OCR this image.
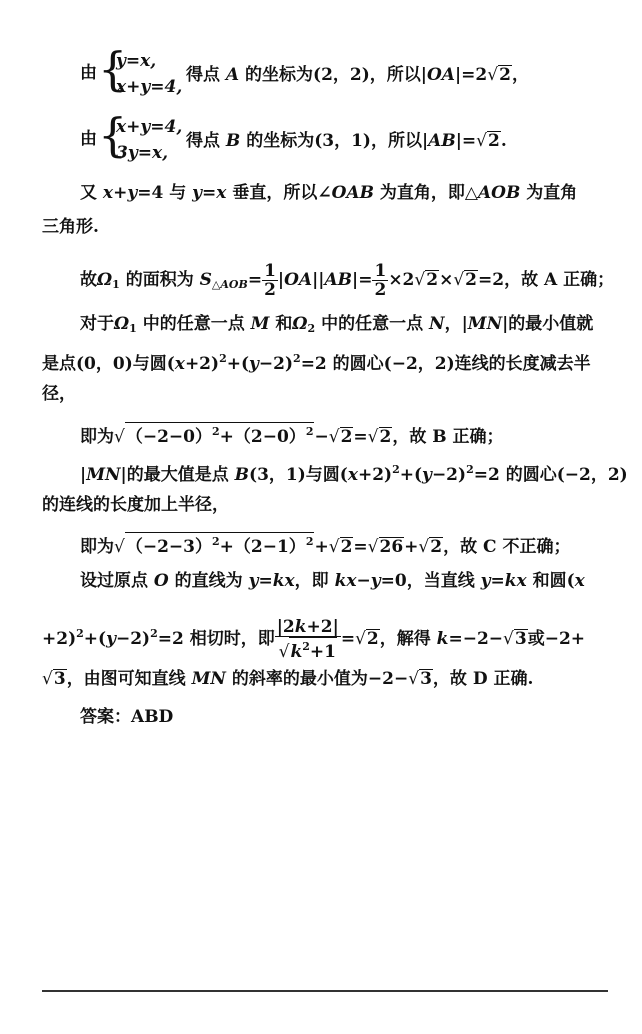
由 {
y=x,
x+y=4,
得点 A 的坐标为(2，2)，所以|OA|=2√2，
由 {
x+y=4,
3y=x,
得点 B 的坐标为(3，1)，所以|AB|=√2.
又 x+y=4 与 y=x 垂直，所以∠OAB 为直角，即△AOB 为直角
三角形.
故$\Omega_1$ 的面积为 $S_{\triangle AOB}= \frac{1}{2} |OA||AB|= \frac{1}{2} \times 2√2\times√2=2$，故 A 正确；
对于$\Omega_1$ 中的任意一点 M 和$\Omega_2$ 中的任意一点 N，|MN|的最小值就
是点(0，0)与圆$(x+2)^2+(y-2)^2=2$ 的圆心(−2，2)连线的长度减去半
径，
即为$√(-2-0)^2+(2-0)^2-√2=√2$，故 B 正确；
|MN|的最大值是点 B(3，1)与圆$(x+2)^2+(y-2)^2=2$ 的圆心(−2，2)
的连线的长度加上半径，
即为$√(-2-3)^2+(2-1)^2+√2=√26+√2$，故 C 不正确；
设过原点 O 的直线为 y=kx，即 kx−y=0，当直线 y=kx 和圆(x
$+2)^2+(y-2)^2=2$ 相切时，即 $\frac{|2k+2|}{√k^2+1} =√2$，解得 k=−2−√3或−2+
√3，由图可知直线 MN 的斜率的最小值为−2−√3，故 D 正确.
答案：ABD
